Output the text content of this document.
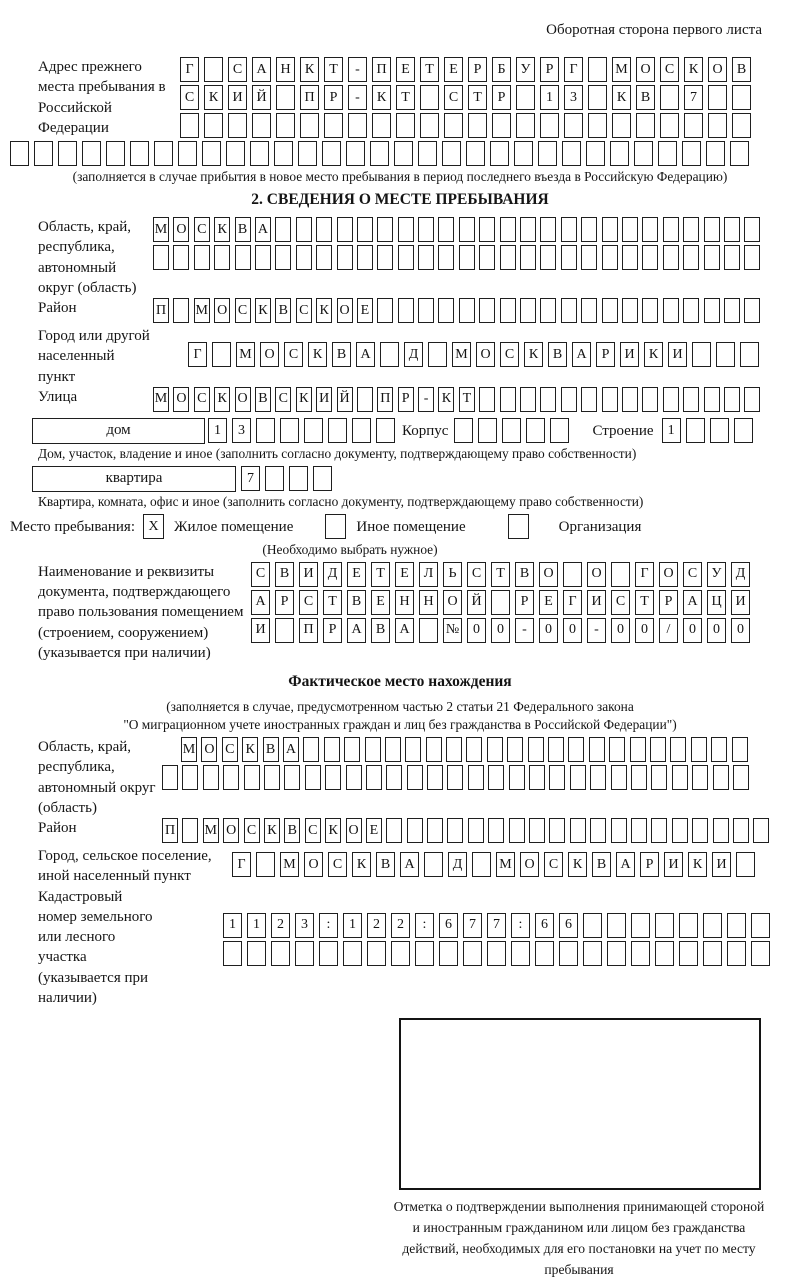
Оборотная сторона первого листа
Адрес прежнего места пребывания в Российской Федерации
Г	С	А Н	К	Т	-	П	Е	Т	Е	Р	Б	У	Р	Г	М О	С	К	О	В
С	К	И Й	П	Р	-	К	Т	С	Т	Р	1	3	К	В	7
(заполняется в случае прибытия в новое место пребывания в период последнего въезда в Российскую Федерацию)
2. СВЕДЕНИЯ О МЕСТЕ ПРЕБЫВАНИЯ
Область, край, республика, автономный округ (область)
М О С К В А
Район	П М О С К В С К О Е
Город или другой населенный пункт
Г	М О	С	К	В	А	Д	М О	С	К	В	А	Р	И	К	И
Улица	М О С К О В С К И Й П Р	- К Т
дом	1	3	Корпус	Строение	1
Дом, участок, владение и иное (заполнить согласно документу, подтверждающему право собственности)
квартира	7
Квартира, комната, офис и иное (заполнить согласно документу, подтверждающему право собственности)
Место пребывания: X	Жилое помещение	Иное помещение	Организация
(Необходимо выбрать нужное)
Наименование и реквизиты документа, подтверждающего право пользования помещением (строением, сооружением) (указывается при наличии)
С	В	И	Д	Е	Т	Е	Л	Ь	С	Т	В	О	О	Г	О	С	У	Д
А	Р	С	Т	В	Е	Н Н О Й	Р	Е	Г	И	С	Т	Р	А Ц И
И	П	Р	А	В	А	№ 0	0	-	0	0	-	0	0	/	0	0	0
Фактическое место нахождения
(заполняется в случае, предусмотренном частью 2 статьи 21 Федерального закона
"О миграционном учете иностранных граждан и лиц без гражданства в Российской Федерации")
Область, край, республика, автономный округ (область)
М О С К В А
Район	П М О С К В С К О Е
Город, сельское поселение, иной населенный пункт
Г	М О	С	К	В	А	Д	М О	С	К	В	А	Р	И	К	И
Кадастровый номер земельного или лесного участка (указывается при наличии)
1	1	2	3	:	1	2	2	:	6	7	7	:	6	6
Отметка о подтверждении выполнения принимающей стороной и иностранным гражданином или лицом без гражданства действий, необходимых для его постановки на учет по месту пребывания
